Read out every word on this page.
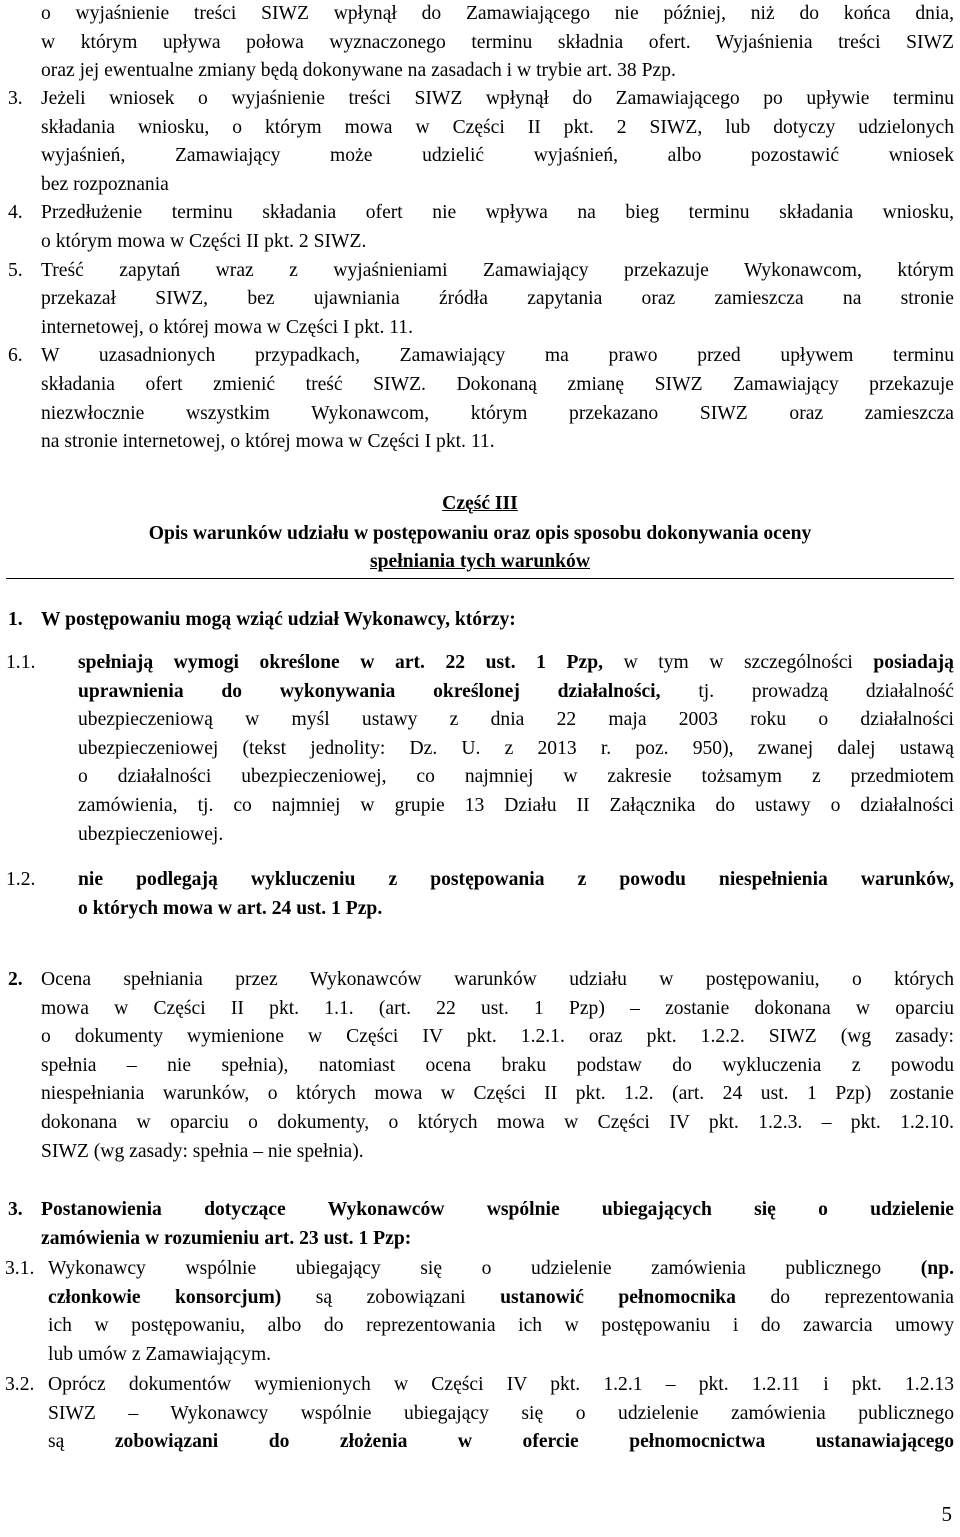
o wyjaśnienie treści SIWZ wpłynął do Zamawiającego nie później, niż do końca dnia,

w którym upływa połowa wyznaczonego terminu składnia ofert. Wyjaśnienia treści SIWZ

oraz jej ewentualne zmiany będą dokonywane na zasadach i w trybie art. 38 Pzp.

3. Jeżeli wniosek o wyjaśnienie treści SIWZ wpłynął do Zamawiającego po upływie terminu

składania wniosku, o którym mowa w Części II pkt. 2 SIWZ, lub dotyczy udzielonych

wyjaśnień, Zamawiający może udzielić wyjaśnień, albo pozostawić wniosek

bez rozpoznania

4. Przedłużenie terminu składania ofert nie wpływa na bieg terminu składania wniosku,

o którym mowa w Części II pkt. 2 SIWZ.

5. Treść zapytań wraz z wyjaśnieniami Zamawiający przekazuje Wykonawcom, którym

przekazał SIWZ, bez ujawniania źródła zapytania oraz zamieszcza na stronie

internetowej, o której mowa w Części I pkt. 11.

6. W uzasadnionych przypadkach, Zamawiający ma prawo przed upływem terminu

składania ofert zmienić treść SIWZ. Dokonaną zmianę SIWZ Zamawiający przekazuje

niezwłocznie wszystkim Wykonawcom, którym przekazano SIWZ oraz zamieszcza

na stronie internetowej, o której mowa w Części I pkt. 11.

Część III

Opis warunków udziału w postępowaniu oraz opis sposobu dokonywania oceny

spełniania tych warunków

1. W postępowaniu mogą wziąć udział Wykonawcy, którzy:

1.1. spełniają wymogi określone w art. 22 ust. 1 Pzp, w tym w szczególności posiadają

uprawnienia do wykonywania określonej działalności, tj. prowadzą działalność

ubezpieczeniową w myśl ustawy z dnia 22 maja 2003 roku o działalności

ubezpieczeniowej (tekst jednolity: Dz. U. z 2013 r. poz. 950), zwanej dalej ustawą

o działalności ubezpieczeniowej, co najmniej w zakresie tożsamym z przedmiotem

zamówienia, tj. co najmniej w grupie 13 Działu II Załącznika do ustawy o działalności

ubezpieczeniowej.

1.2. nie podlegają wykluczeniu z postępowania z powodu niespełnienia warunków,

o których mowa w art. 24 ust. 1 Pzp.

2. Ocena spełniania przez Wykonawców warunków udziału w postępowaniu, o których

mowa w Części II pkt. 1.1. (art. 22 ust. 1 Pzp) – zostanie dokonana w oparciu

o dokumenty wymienione w Części IV pkt. 1.2.1. oraz pkt. 1.2.2. SIWZ (wg zasady:

spełnia – nie spełnia), natomiast ocena braku podstaw do wykluczenia z powodu

niespełniania warunków, o których mowa w Części II pkt. 1.2. (art. 24 ust. 1 Pzp) zostanie

dokonana w oparciu o dokumenty, o których mowa w Części IV pkt. 1.2.3. – pkt. 1.2.10.

SIWZ (wg zasady: spełnia – nie spełnia).

3. Postanowienia dotyczące Wykonawców wspólnie ubiegających się o udzielenie

zamówienia w rozumieniu art. 23 ust. 1 Pzp:

3.1. Wykonawcy wspólnie ubiegający się o udzielenie zamówienia publicznego (np.

członkowie konsorcjum) są zobowiązani ustanowić pełnomocnika do reprezentowania

ich w postępowaniu, albo do reprezentowania ich w postępowaniu i do zawarcia umowy

lub umów z Zamawiającym.

3.2. Oprócz dokumentów wymienionych w Części IV pkt. 1.2.1 – pkt. 1.2.11 i pkt. 1.2.13

SIWZ – Wykonawcy wspólnie ubiegający się o udzielenie zamówienia publicznego

są zobowiązani do złożenia w ofercie pełnomocnictwa ustanawiającego

5
